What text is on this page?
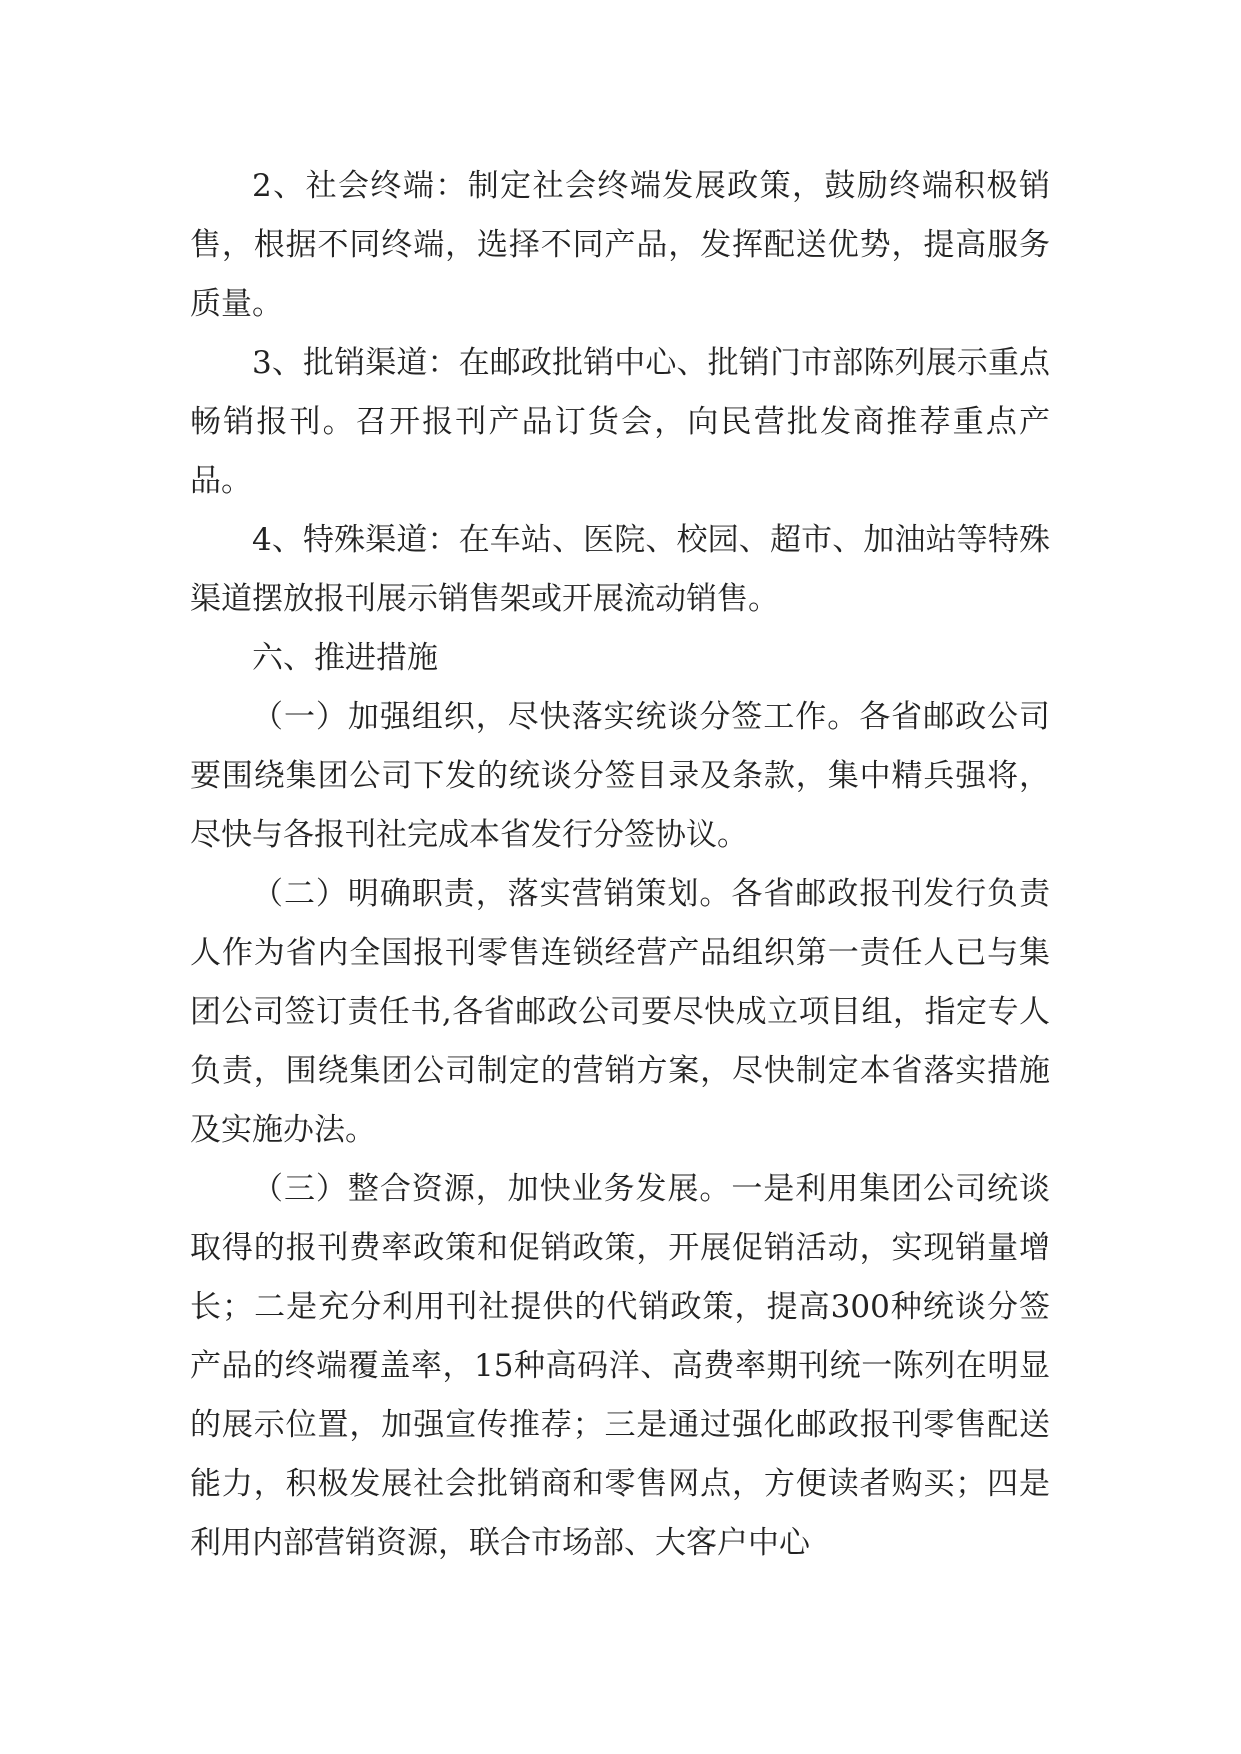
2、社会终端：制定社会终端发展政策，鼓励终端积极销售，根据不同终端，选择不同产品，发挥配送优势，提高服务质量。

3、批销渠道：在邮政批销中心、批销门市部陈列展示重点畅销报刊。召开报刊产品订货会，向民营批发商推荐重点产品。

4、特殊渠道：在车站、医院、校园、超市、加油站等特殊渠道摆放报刊展示销售架或开展流动销售。

六、推进措施

（一）加强组织，尽快落实统谈分签工作。各省邮政公司要围绕集团公司下发的统谈分签目录及条款，集中精兵强将，尽快与各报刊社完成本省发行分签协议。

（二）明确职责，落实营销策划。各省邮政报刊发行负责人作为省内全国报刊零售连锁经营产品组织第一责任人已与集团公司签订责任书,各省邮政公司要尽快成立项目组，指定专人负责，围绕集团公司制定的营销方案，尽快制定本省落实措施及实施办法。

（三）整合资源，加快业务发展。一是利用集团公司统谈取得的报刊费率政策和促销政策，开展促销活动，实现销量增长；二是充分利用刊社提供的代销政策，提高300种统谈分签产品的终端覆盖率，15种高码洋、高费率期刊统一陈列在明显的展示位置，加强宣传推荐；三是通过强化邮政报刊零售配送能力，积极发展社会批销商和零售网点，方便读者购买；四是利用内部营销资源，联合市场部、大客户中心
